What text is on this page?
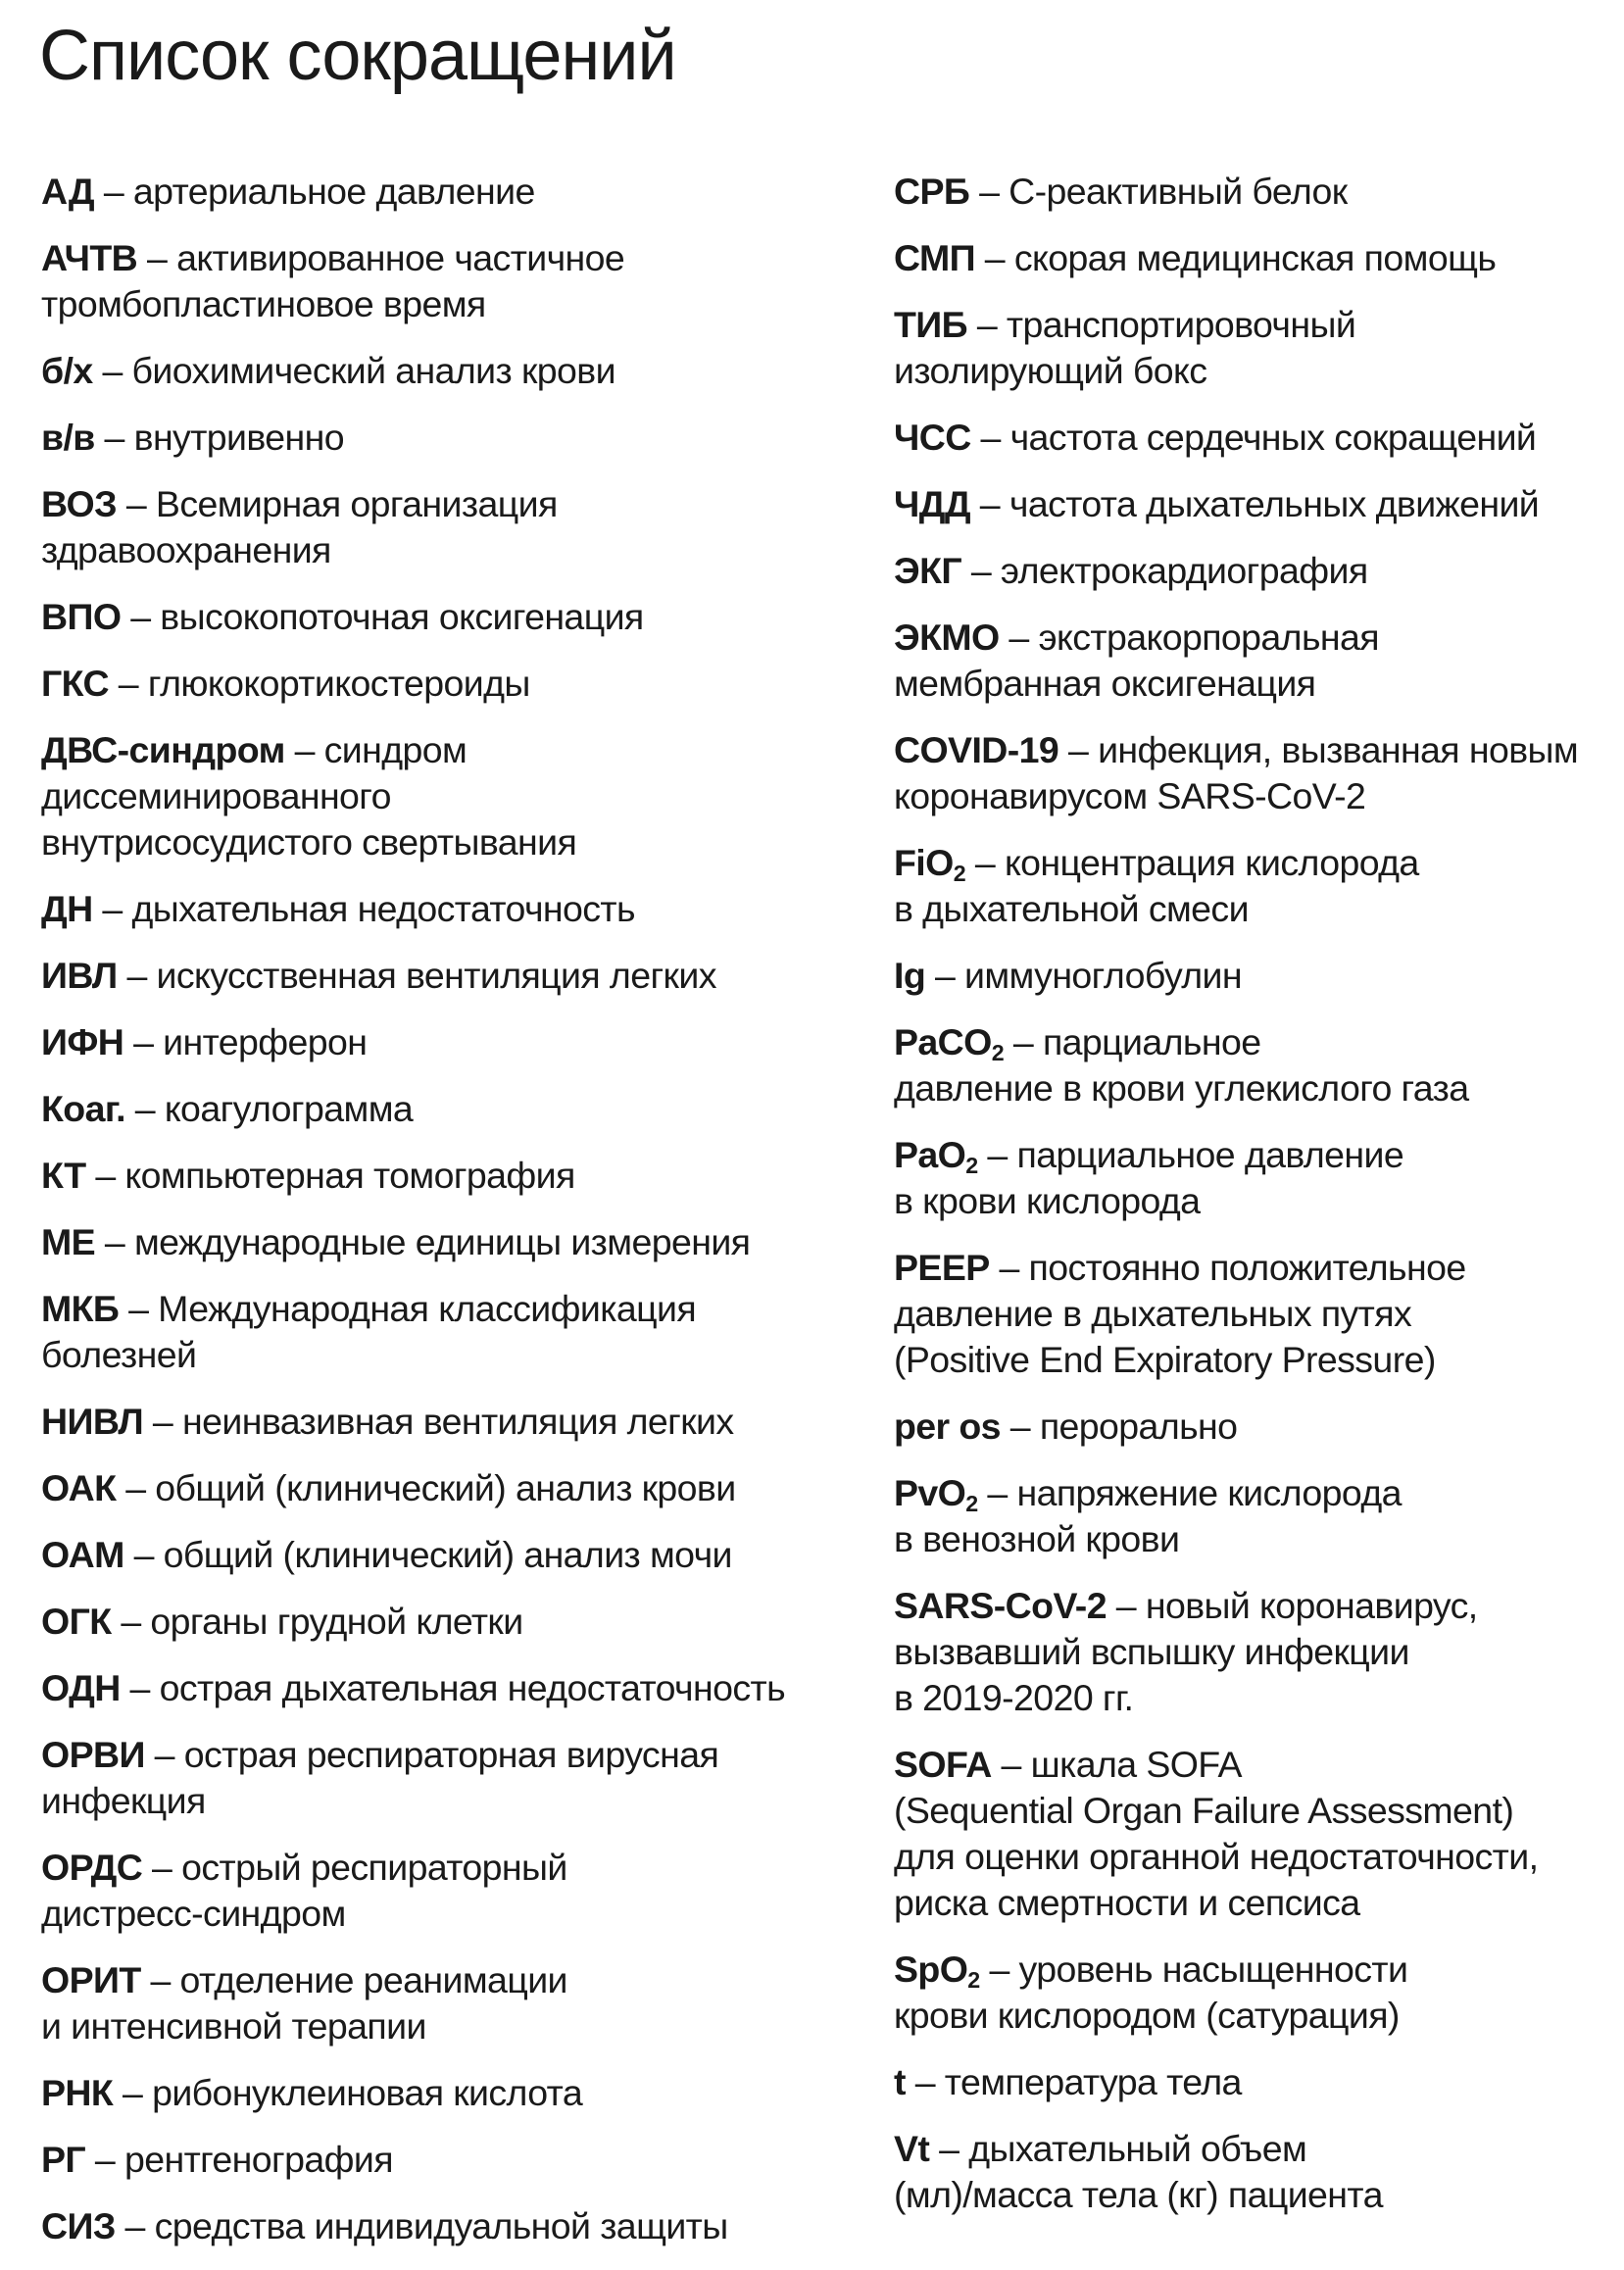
Список сокращений
АД – артериальное давление
АЧТВ – активированное частичное
тромбопластиновое время
б/х – биохимический анализ крови
в/в – внутривенно
ВОЗ – Всемирная организация
здравоохранения
ВПО – высокопоточная оксигенация
ГКС – глюкокортикостероиды
ДВС-синдром – синдром
диссеминированного
внутрисосудистого свертывания
ДН – дыхательная недостаточность
ИВЛ – искусственная вентиляция легких
ИФН – интерферон
Коаг. – коагулограмма
КТ – компьютерная томография
МЕ – международные единицы измерения
МКБ – Международная классификация
болезней
НИВЛ – неинвазивная вентиляция легких
ОАК – общий (клинический) анализ крови
ОАМ – общий (клинический) анализ мочи
ОГК – органы грудной клетки
ОДН – острая дыхательная недостаточность
ОРВИ – острая респираторная вирусная
инфекция
ОРДС – острый респираторный
дистресс-синдром
ОРИТ – отделение реанимации
и интенсивной терапии
РНК – рибонуклеиновая кислота
РГ – рентгенография
СИЗ – средства индивидуальной защиты
СРБ – С-реактивный белок
СМП – скорая медицинская помощь
ТИБ – транспортировочный
изолирующий бокс
ЧСС – частота сердечных сокращений
ЧДД – частота дыхательных движений
ЭКГ – электрокардиография
ЭКМО – экстракорпоральная
мембранная оксигенация
COVID-19 – инфекция, вызванная новым
коронавирусом SARS-CoV-2
FiO$_2$ – концентрация кислорода
в дыхательной смеси
Ig – иммуноглобулин
PaCO$_2$ – парциальное
давление в крови углекислого газа
PaO$_2$ – парциальное давление
в крови кислорода
PEEP – постоянно положительное
давление в дыхательных путях
(Positive End Expiratory Pressure)
per os – перорально
PvO$_2$ – напряжение кислорода
в венозной крови
SARS-CoV-2 – новый коронавирус,
вызвавший вспышку инфекции
в 2019-2020 гг.
SOFA – шкала SOFA
(Sequential Organ Failure Assessment)
для оценки органной недостаточности,
риска смертности и сепсиса
SpO$_2$ – уровень насыщенности
крови кислородом (сатурация)
t – температура тела
Vt – дыхательный объем
(мл)/масса тела (кг) пациента
